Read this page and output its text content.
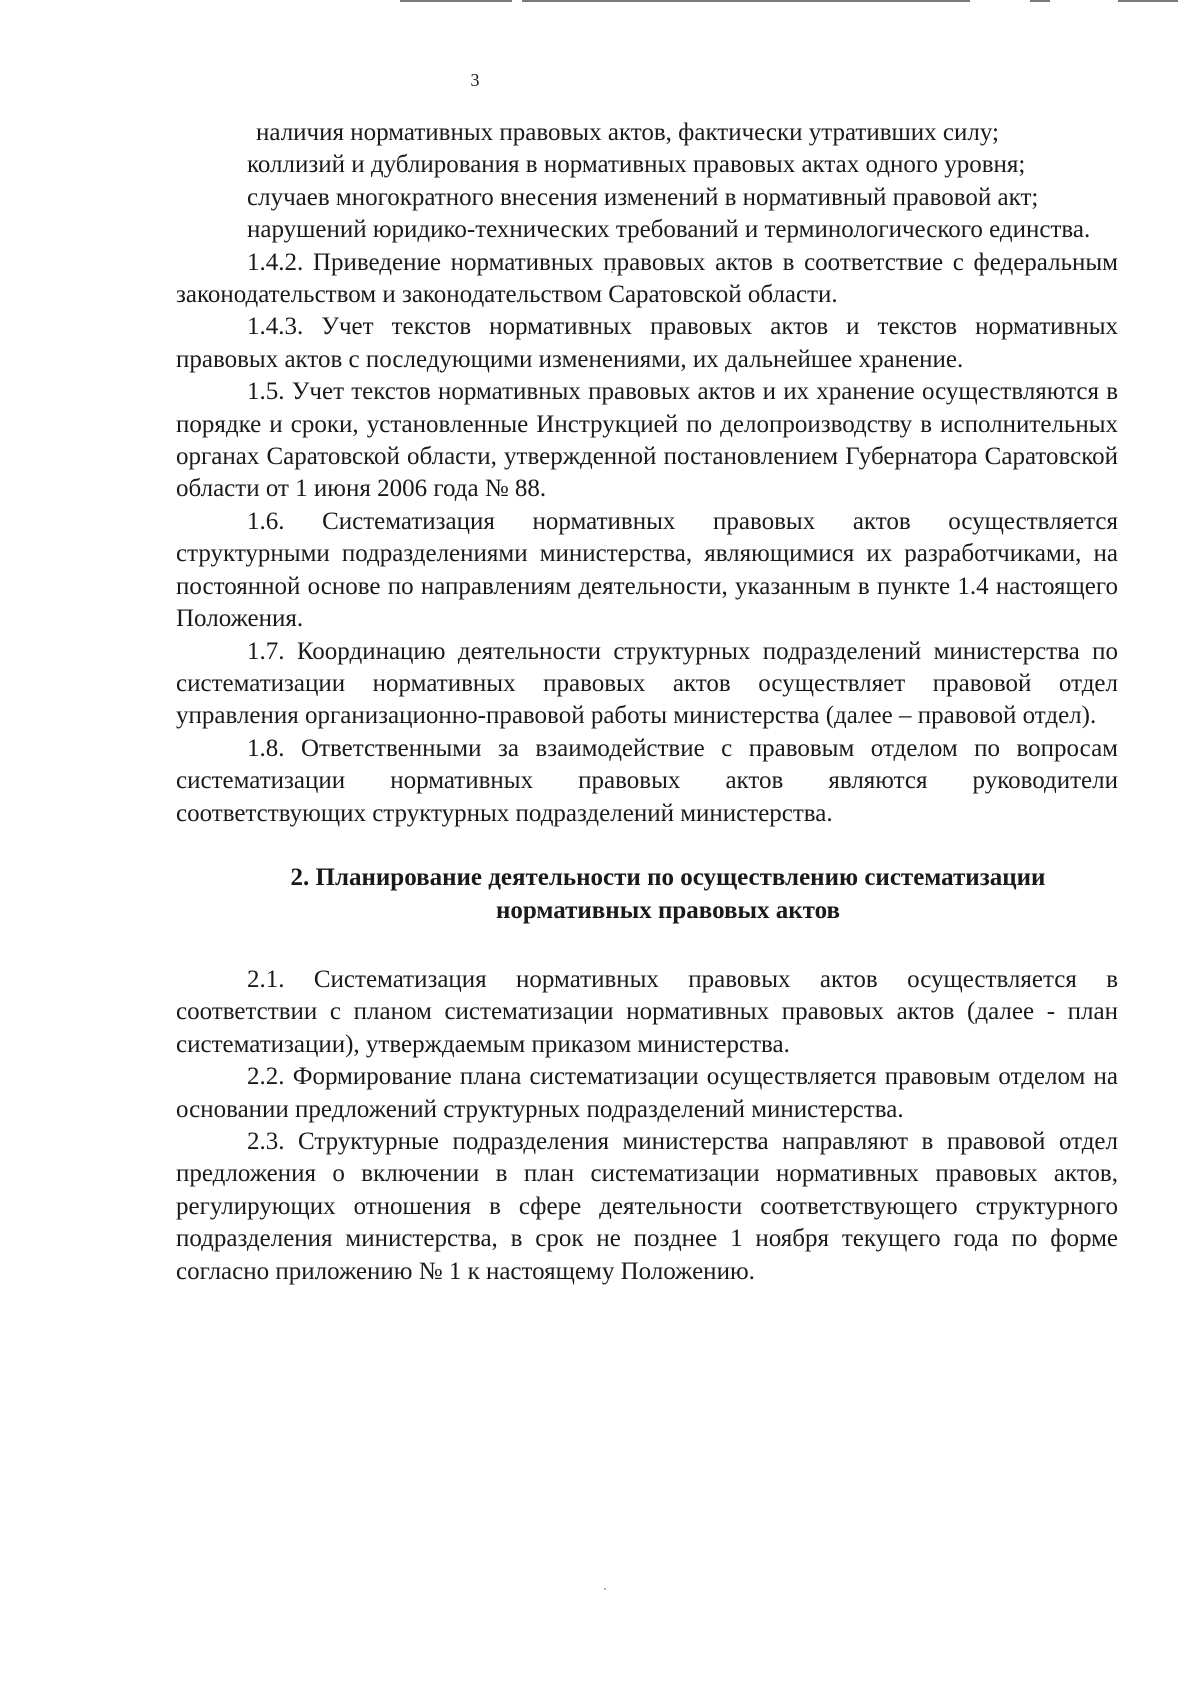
3

наличия нормативных правовых актов, фактически утративших силу;

коллизий и дублирования в нормативных правовых актах одного уровня;

случаев многократного внесения изменений в нормативный правовой акт;

нарушений юридико-технических требований и терминологического единства.

1.4.2. Приведение нормативных правовых актов в соответствие с федеральным законодательством и законодательством Саратовской области.

1.4.3. Учет текстов нормативных правовых актов и текстов нормативных правовых актов с последующими изменениями, их дальнейшее хранение.

1.5. Учет текстов нормативных правовых актов и их хранение осуществляются в порядке и сроки, установленные Инструкцией по делопроизводству в исполнительных органах Саратовской области, утвержденной постановлением Губернатора Саратовской области от 1 июня 2006 года № 88.

1.6. Систематизация нормативных правовых актов осуществляется структурными подразделениями министерства, являющимися их разработчиками, на постоянной основе по направлениям деятельности, указанным в пункте 1.4 настоящего Положения.

1.7. Координацию деятельности структурных подразделений министерства по систематизации нормативных правовых актов осуществляет правовой отдел управления организационно-правовой работы министерства (далее – правовой отдел).

1.8. Ответственными за взаимодействие с правовым отделом по вопросам систематизации нормативных правовых актов являются руководители соответствующих структурных подразделений министерства.

2. Планирование деятельности по осуществлению систематизации
нормативных правовых актов

2.1. Систематизация нормативных правовых актов осуществляется в соответствии с планом систематизации нормативных правовых актов (далее - план систематизации), утверждаемым приказом министерства.

2.2. Формирование плана систематизации осуществляется правовым отделом на основании предложений структурных подразделений министерства.

2.3. Структурные подразделения министерства направляют в правовой отдел предложения о включении в план систематизации нормативных правовых актов, регулирующих отношения в сфере деятельности соответствующего структурного подразделения министерства, в срок не позднее 1 ноября текущего года по форме согласно приложению № 1 к настоящему Положению.
